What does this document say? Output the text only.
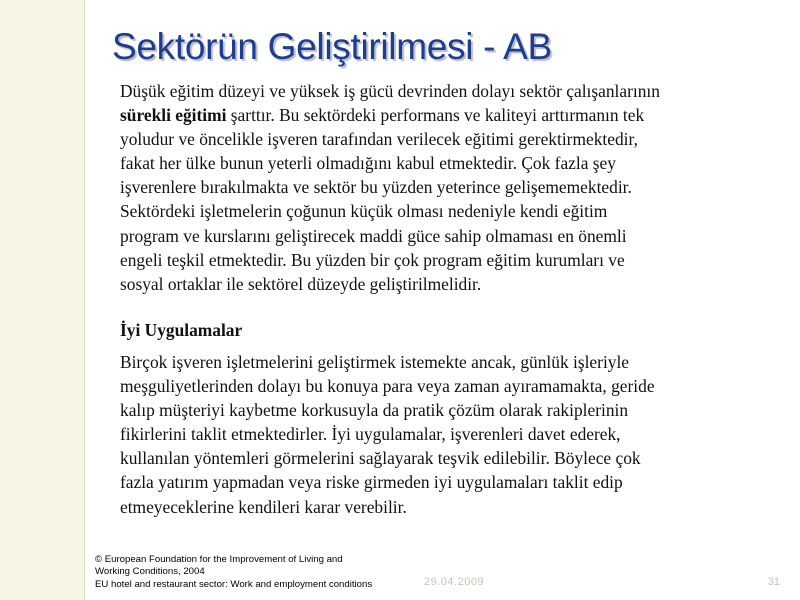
Sektörün Geliştirilmesi - AB
Düşük eğitim düzeyi ve yüksek iş gücü devrinden dolayı sektör çalışanlarının
sürekli eğitimi şarttır. Bu sektördeki performans ve kaliteyi arttırmanın tek
yoludur ve öncelikle işveren tarafından verilecek eğitimi gerektirmektedir,
fakat her ülke bunun yeterli olmadığını kabul etmektedir. Çok fazla şey
işverenlere bırakılmakta ve sektör bu yüzden yeterince gelişememektedir.
Sektördeki işletmelerin çoğunun küçük olması nedeniyle kendi eğitim
program ve kurslarını geliştirecek maddi güce sahip olmaması en önemli
engeli teşkil etmektedir. Bu yüzden bir çok program eğitim kurumları ve
sosyal ortaklar ile sektörel düzeyde geliştirilmelidir.
İyi Uygulamalar
Birçok işveren işletmelerini geliştirmek istemekte ancak, günlük işleriyle
meşguliyetlerinden dolayı bu konuya para veya zaman ayıramamakta, geride
kalıp müşteriyi kaybetme korkusuyla da pratik çözüm olarak rakiplerinin
fikirlerini taklit etmektedirler. İyi uygulamalar, işverenleri davet ederek,
kullanılan yöntemleri görmelerini sağlayarak teşvik edilebilir. Böylece çok
fazla yatırım yapmadan veya riske girmeden iyi uygulamaları taklit edip
etmeyeceklerine kendileri karar verebilir.
© European Foundation for the Improvement of Living and
Working Conditions, 2004
EU hotel and restaurant sector: Work and employment conditions	29.04.2009	31
